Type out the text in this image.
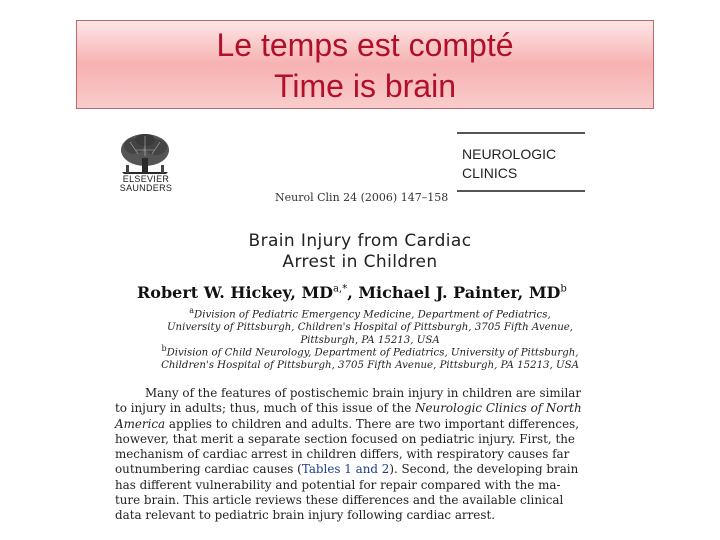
Le temps est compté
Time is brain
ELSEVIER SAUNDERS
NEUROLOGIC
CLINICS
Neurol Clin 24 (2006) 147–158
Brain Injury from Cardiac
Arrest in Children
Robert W. Hickey, $MD^{a,*}$, Michael J. Painter, $MD^b$
$^a$Division of Pediatric Emergency Medicine, Department of Pediatrics,
University of Pittsburgh, Children's Hospital of Pittsburgh, 3705 Fifth Avenue,
Pittsburgh, PA 15213, USA
$^b$Division of Child Neurology, Department of Pediatrics, University of Pittsburgh,
Children's Hospital of Pittsburgh, 3705 Fifth Avenue, Pittsburgh, PA 15213, USA
Many of the features of postischemic brain injury in children are similar
to injury in adults; thus, much of this issue of the Neurologic Clinics of North
America applies to children and adults. There are two important differences,
however, that merit a separate section focused on pediatric injury. First, the
mechanism of cardiac arrest in children differs, with respiratory causes far
outnumbering cardiac causes (Tables 1 and 2). Second, the developing brain
has different vulnerability and potential for repair compared with the ma-
ture brain. This article reviews these differences and the available clinical
data relevant to pediatric brain injury following cardiac arrest.
